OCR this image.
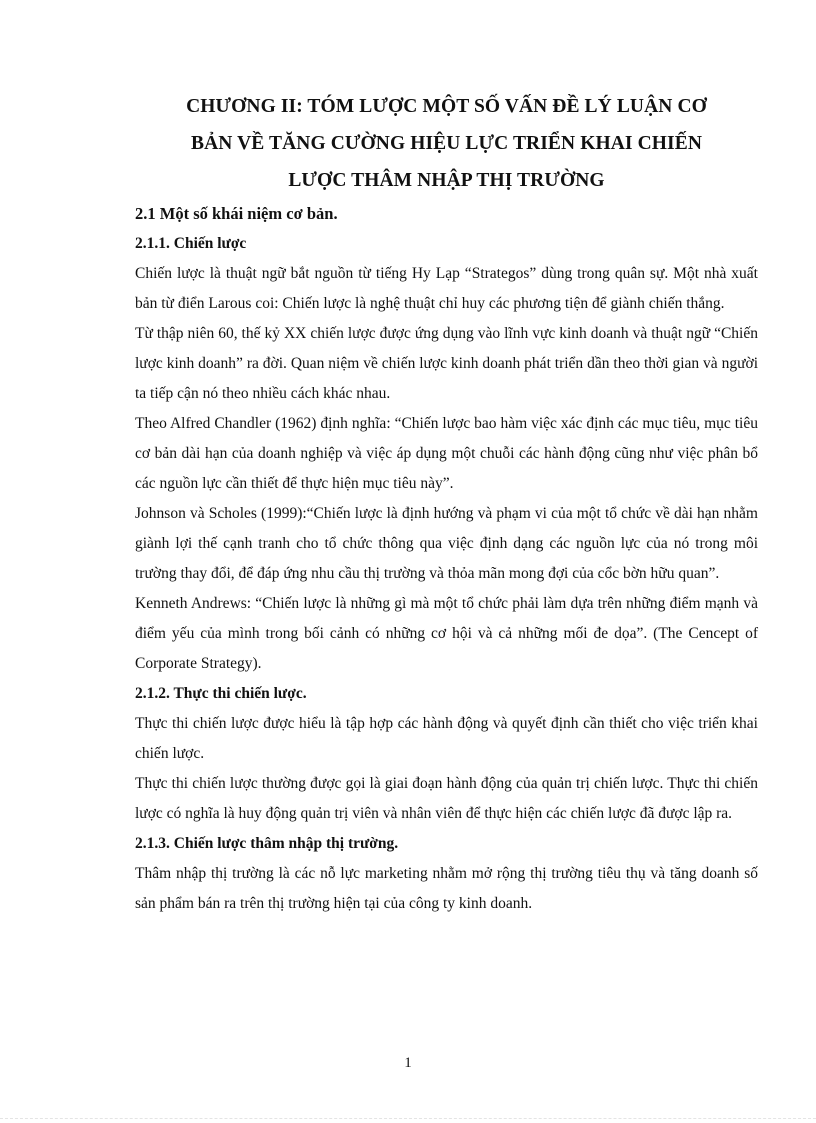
CHƯƠNG II: TÓM LƯỢC MỘT SỐ VẤN ĐỀ LÝ LUẬN CƠ
BẢN VỀ TĂNG CƯỜNG HIỆU LỰC TRIỂN KHAI CHIẾN
LƯỢC THÂM NHẬP THỊ TRƯỜNG

2.1 Một số khái niệm cơ bản.

2.1.1. Chiến lược

Chiến lược là thuật ngữ bắt nguồn từ tiếng Hy Lạp “Strategos” dùng trong quân sự. Một nhà xuất bản từ điển Larous coi: Chiến lược là nghệ thuật chỉ huy các phương tiện để giành chiến thắng.

Từ thập niên 60, thế kỷ XX chiến lược được ứng dụng vào lĩnh vực kinh doanh và thuật ngữ “Chiến lược kinh doanh” ra đời. Quan niệm về chiến lược kinh doanh phát triển dần theo thời gian và người ta tiếp cận nó theo nhiều cách khác nhau.

Theo Alfred Chandler (1962) định nghĩa: “Chiến lược bao hàm việc xác định các mục tiêu, mục tiêu cơ bản dài hạn của doanh nghiệp và việc áp dụng một chuỗi các hành động cũng như việc phân bổ các nguồn lực cần thiết để thực hiện mục tiêu này”.

Johnson và Scholes (1999):“Chiến lược là định hướng và phạm vi của một tổ chức về dài hạn nhằm giành lợi thế cạnh tranh cho tổ chức thông qua việc định dạng các nguồn lực của nó trong môi trường thay đổi, để đáp ứng nhu cầu thị trường và thỏa mãn mong đợi của cổc bờn hữu quan”.

Kenneth Andrews: “Chiến lược là những gì mà một tổ chức phải làm dựa trên những điểm mạnh và điểm yếu của mình trong bối cảnh có những cơ hội và cả những mối đe dọa”. (The Cencept of Corporate Strategy).

2.1.2. Thực thi chiến lược.

Thực thi chiến lược được hiểu là tập hợp các hành động và quyết định cần thiết cho việc triển khai chiến lược.

Thực thi chiến lược thường được gọi là giai đoạn hành động của quản trị chiến lược. Thực thi chiến lược có nghĩa là huy động quản trị viên và nhân viên để thực hiện các chiến lược đã được lập ra.

2.1.3. Chiến lược thâm nhập thị trường.

Thâm nhập thị trường là các nỗ lực marketing nhằm mở rộng thị trường tiêu thụ và tăng doanh số sản phẩm bán ra trên thị trường hiện tại của công ty kinh doanh.

1
